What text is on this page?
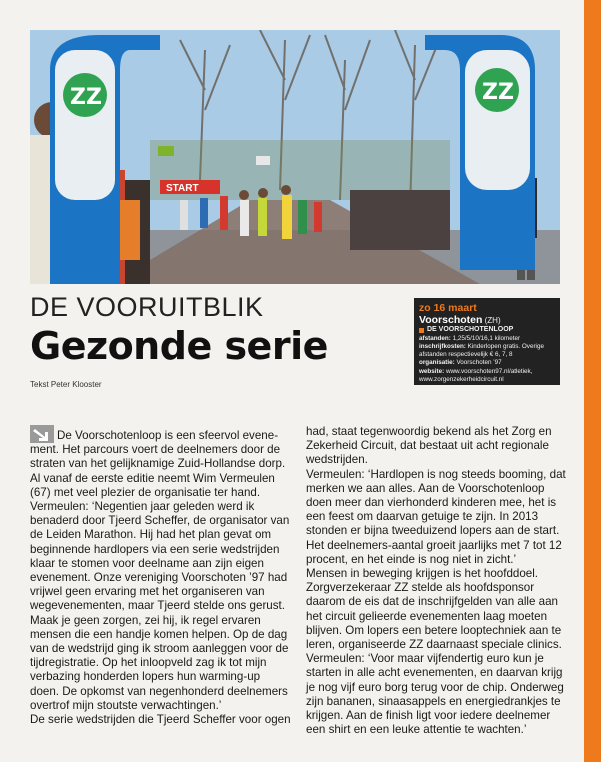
START
ZZ	ZZ
DE VOORUITBLIK
Gezonde serie
Tekst Peter Klooster
zo 16 maart
Voorschoten (ZH)
DE VOORSCHOTENLOOP
afstanden: 1,25/5/10/16,1 kilometer
inschrijfkosten: Kinderlopen gratis. Overige afstanden respectievelijk € 6, 7, 8
organisatie: Voorschoten ’97
website: www.voorschoten97.nl/atletiek, www.zorgenzekerheidcircuit.nl

De Voorschotenloop is een sfeervol evene-ment. Het parcours voert de deelnemers door de straten van het gelijknamige Zuid-Hollandse dorp. Al vanaf de eerste editie neemt Wim Vermeulen (67) met veel plezier de organisatie ter hand.

Vermeulen: ‘Negentien jaar geleden werd ik benaderd door Tjeerd Scheffer, de organisator van de Leiden Marathon. Hij had het plan gevat om beginnende hardlopers via een serie wedstrijden klaar te stomen voor deelname aan zijn eigen evenement. Onze vereniging Voorschoten ’97 had vrijwel geen ervaring met het organiseren van wegevenementen, maar Tjeerd stelde ons gerust. Maak je geen zorgen, zei hij, ik regel ervaren mensen die een handje komen helpen. Op de dag van de wedstrijd ging ik stroom aanleggen voor de tijdregistratie. Op het inloopveld zag ik tot mijn verbazing honderden lopers hun warming-up doen. De opkomst van negenhonderd deelnemers overtrof mijn stoutste verwachtingen.’

De serie wedstrijden die Tjeerd Scheffer voor ogen

had, staat tegenwoordig bekend als het Zorg en Zekerheid Circuit, dat bestaat uit acht regionale wedstrijden.

Vermeulen: ‘Hardlopen is nog steeds booming, dat merken we aan alles. Aan de Voorschotenloop doen meer dan vierhonderd kinderen mee, het is een feest om daarvan getuige te zijn. In 2013 stonden er bijna tweeduizend lopers aan de start. Het deelnemers-aantal groeit jaarlijks met 7 tot 12 procent, en het einde is nog niet in zicht.’

Mensen in beweging krijgen is het hoofddoel. Zorgverzekeraar ZZ stelde als hoofdsponsor daarom de eis dat de inschrijfgelden van alle aan het circuit gelieerde evenementen laag moeten blijven. Om lopers een betere looptechniek aan te leren, organiseerde ZZ daarnaast speciale clinics.

Vermeulen: ‘Voor maar vijfendertig euro kun je starten in alle acht evenementen, en daarvan krijg je nog vijf euro borg terug voor de chip. Onderweg zijn bananen, sinaasappels en energiedrankjes te krijgen. Aan de finish ligt voor iedere deelnemer een shirt en een leuke attentie te wachten.’
